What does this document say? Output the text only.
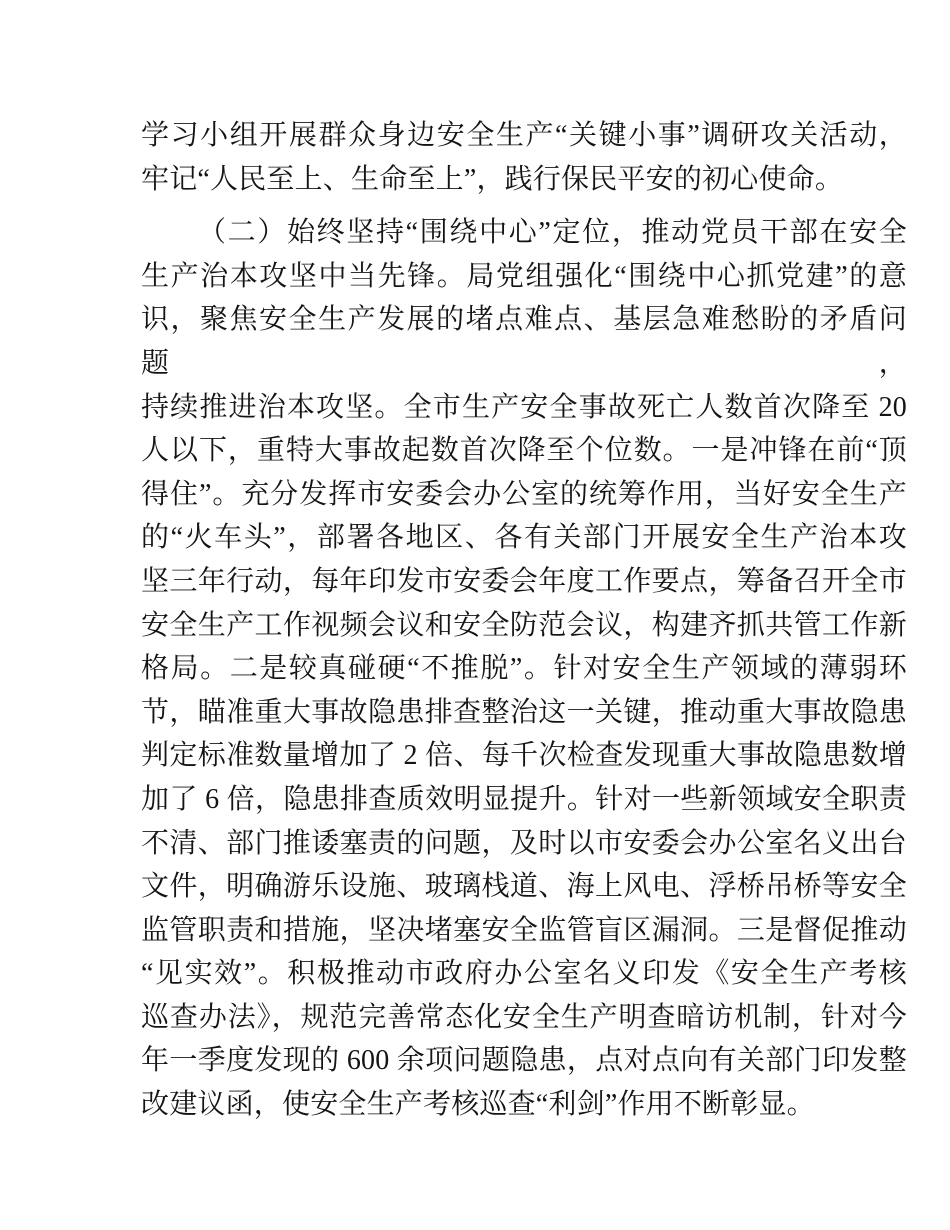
学习小组开展群众身边安全生产“关键小事”调研攻关活动，
牢记“人民至上、生命至上”，践行保民平安的初心使命。
（二）始终坚持“围绕中心”定位，推动党员干部在安全
生产治本攻坚中当先锋。局党组强化“围绕中心抓党建”的意
识，聚焦安全生产发展的堵点难点、基层急难愁盼的矛盾问题，
持续推进治本攻坚。全市生产安全事故死亡人数首次降至 20
人以下，重特大事故起数首次降至个位数。一是冲锋在前“顶
得住”。充分发挥市安委会办公室的统筹作用，当好安全生产
的“火车头”，部署各地区、各有关部门开展安全生产治本攻
坚三年行动，每年印发市安委会年度工作要点，筹备召开全市
安全生产工作视频会议和安全防范会议，构建齐抓共管工作新
格局。二是较真碰硬“不推脱”。针对安全生产领域的薄弱环
节，瞄准重大事故隐患排查整治这一关键，推动重大事故隐患
判定标准数量增加了 2 倍、每千次检查发现重大事故隐患数增
加了 6 倍，隐患排查质效明显提升。针对一些新领域安全职责
不清、部门推诿塞责的问题，及时以市安委会办公室名义出台
文件，明确游乐设施、玻璃栈道、海上风电、浮桥吊桥等安全
监管职责和措施，坚决堵塞安全监管盲区漏洞。三是督促推动
“见实效”。积极推动市政府办公室名义印发《安全生产考核
巡查办法》，规范完善常态化安全生产明查暗访机制，针对今
年一季度发现的 600 余项问题隐患，点对点向有关部门印发整
改建议函，使安全生产考核巡查“利剑”作用不断彰显。
